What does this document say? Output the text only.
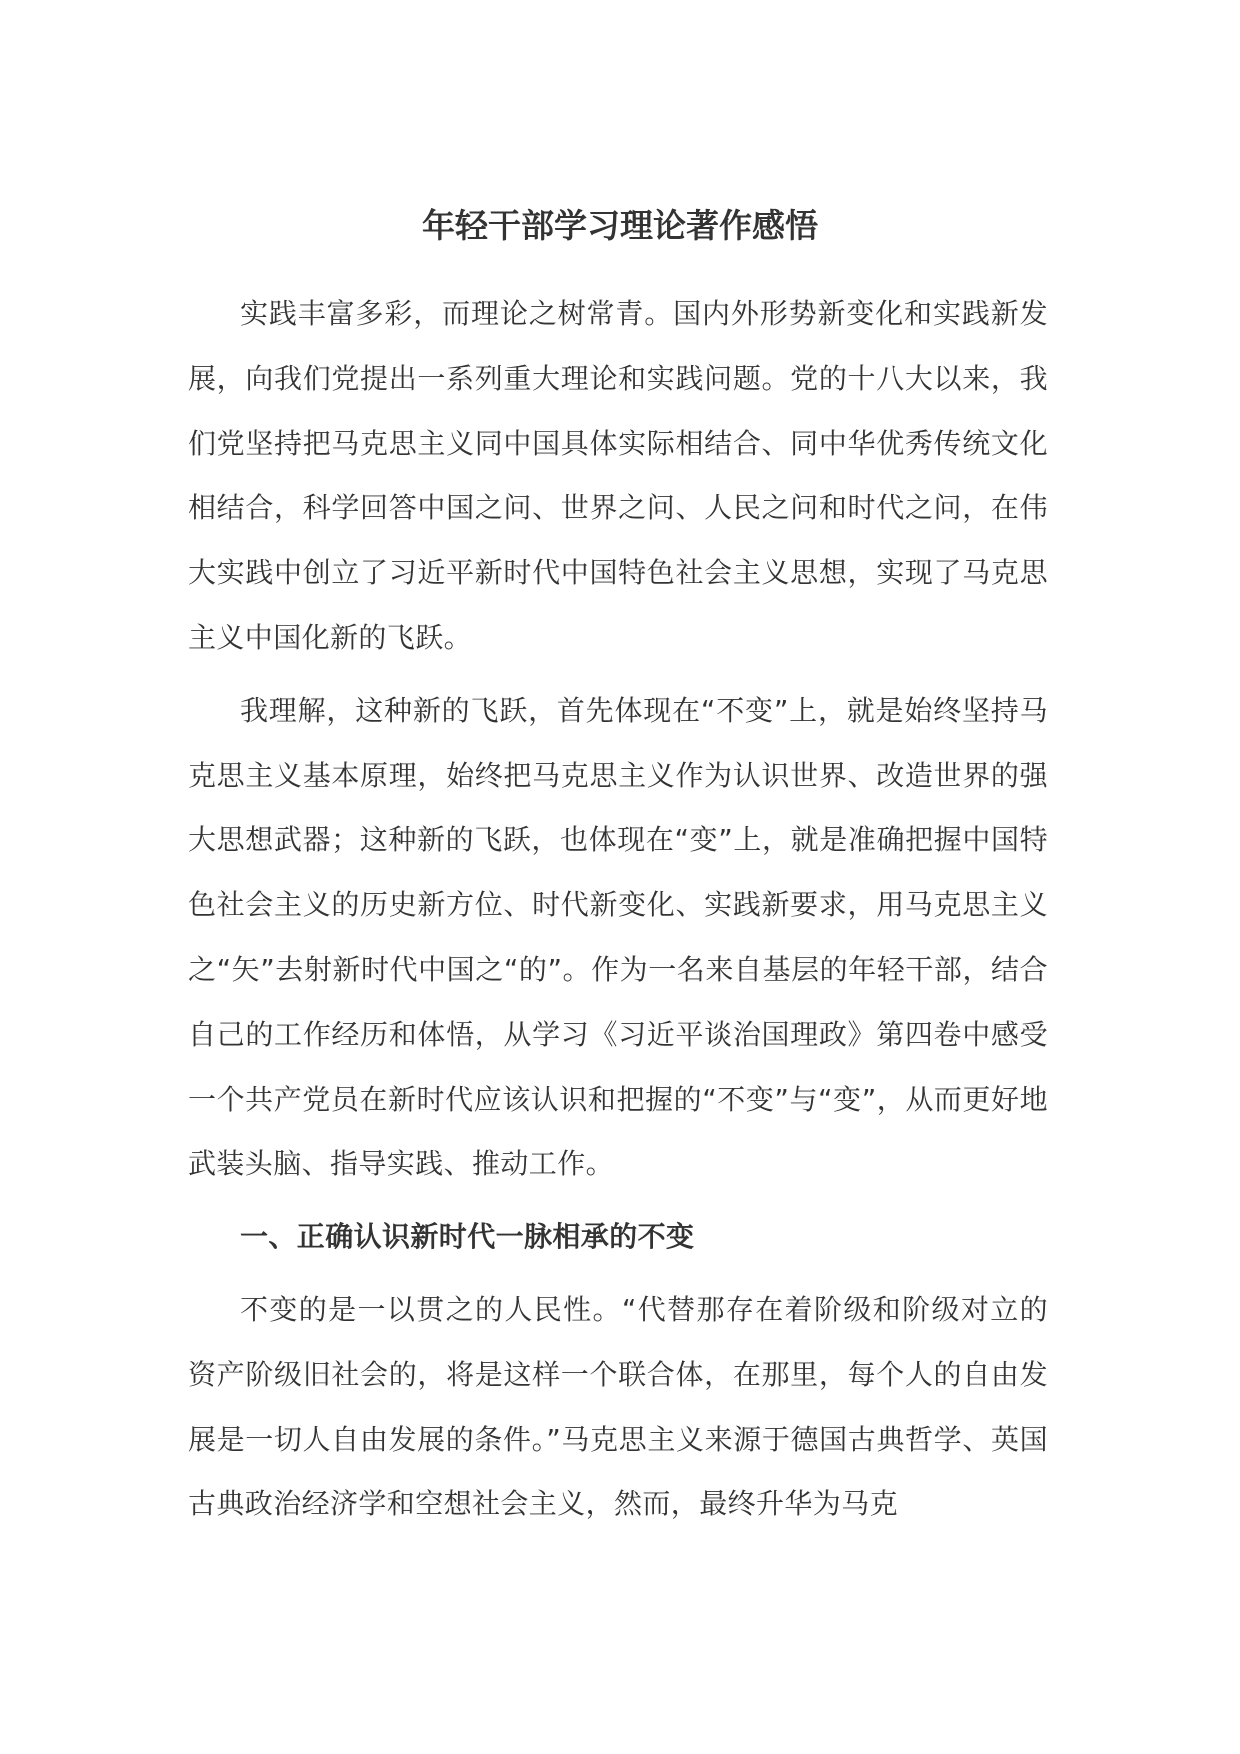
年轻干部学习理论著作感悟

实践丰富多彩，而理论之树常青。国内外形势新变化和实践新发展，向我们党提出一系列重大理论和实践问题。党的十八大以来，我们党坚持把马克思主义同中国具体实际相结合、同中华优秀传统文化相结合，科学回答中国之问、世界之问、人民之问和时代之问，在伟大实践中创立了习近平新时代中国特色社会主义思想，实现了马克思主义中国化新的飞跃。

我理解，这种新的飞跃，首先体现在“不变”上，就是始终坚持马克思主义基本原理，始终把马克思主义作为认识世界、改造世界的强大思想武器；这种新的飞跃，也体现在“变”上，就是准确把握中国特色社会主义的历史新方位、时代新变化、实践新要求，用马克思主义之“矢”去射新时代中国之“的”。作为一名来自基层的年轻干部，结合自己的工作经历和体悟，从学习《习近平谈治国理政》第四卷中感受一个共产党员在新时代应该认识和把握的“不变”与“变”，从而更好地武装头脑、指导实践、推动工作。

一、正确认识新时代一脉相承的不变

不变的是一以贯之的人民性。“代替那存在着阶级和阶级对立的资产阶级旧社会的，将是这样一个联合体，在那里，每个人的自由发展是一切人自由发展的条件。”马克思主义来源于德国古典哲学、英国古典政治经济学和空想社会主义，然而，最终升华为马克
